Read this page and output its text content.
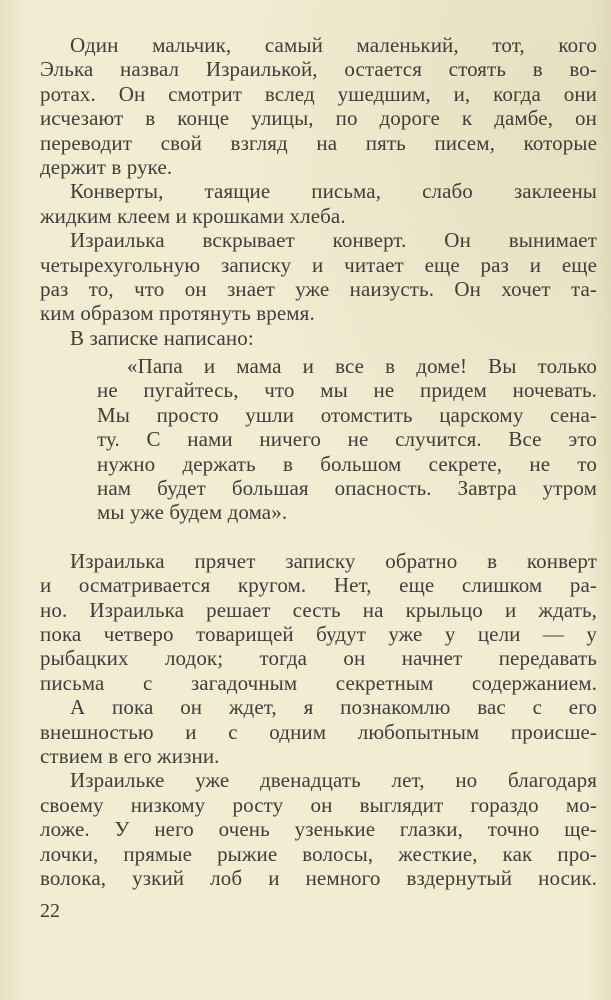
Один мальчик, самый маленький, тот, кого
Элька назвал Израилькой, остается стоять в во-
ротах. Он смотрит вслед ушедшим, и, когда они
исчезают в конце улицы, по дороге к дамбе, он
переводит свой взгляд на пять писем, которые
держит в руке.
Конверты, таящие письма, слабо заклеены
жидким клеем и крошками хлеба.
Израилька вскрывает конверт. Он вынимает
четырехугольную записку и читает еще раз и еще
раз то, что он знает уже наизусть. Он хочет та-
ким образом протянуть время.
В записке написано:
«Папа и мама и все в доме! Вы только
не пугайтесь, что мы не придем ночевать.
Мы просто ушли отомстить царскому сена-
ту. С нами ничего не случится. Все это
нужно держать в большом секрете, не то
нам будет большая опасность. Завтра утром
мы уже будем дома».
Израилька прячет записку обратно в конверт
и осматривается кругом. Нет, еще слишком ра-
но. Израилька решает сесть на крыльцо и ждать,
пока четверо товарищей будут уже у цели — у
рыбацких лодок; тогда он начнет передавать
письма с загадочным секретным содержанием.
А пока он ждет, я познакомлю вас с его
внешностью и с одним любопытным происше-
ствием в его жизни.
Израильке уже двенадцать лет, но благодаря
своему низкому росту он выглядит гораздо мо-
ложе. У него очень узенькие глазки, точно ще-
лочки, прямые рыжие волосы, жесткие, как про-
волока, узкий лоб и немного вздернутый носик.
22
